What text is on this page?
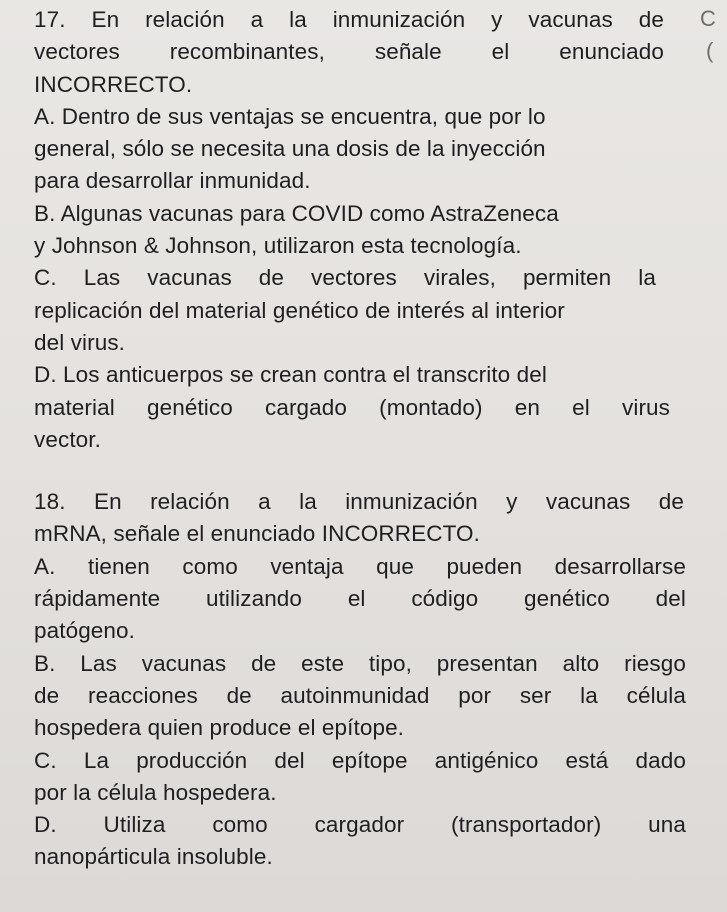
C
(
17. En relación a la inmunización y vacunas de
vectores recombinantes, señale el enunciado
INCORRECTO.
A. Dentro de sus ventajas se encuentra, que por lo
general, sólo se necesita una dosis de la inyección
para desarrollar inmunidad.
B. Algunas vacunas para COVID como AstraZeneca
y Johnson & Johnson, utilizaron esta tecnología.
C. Las vacunas de vectores virales, permiten la
replicación del material genético de interés al interior
del virus.
D. Los anticuerpos se crean contra el transcrito del
material genético cargado (montado) en el virus
vector.
18. En relación a la inmunización y vacunas de
mRNA, señale el enunciado INCORRECTO.
A. tienen como ventaja que pueden desarrollarse
rápidamente utilizando el código genético del
patógeno.
B. Las vacunas de este tipo, presentan alto riesgo
de reacciones de autoinmunidad por ser la célula
hospedera quien produce el epítope.
C. La producción del epítope antigénico está dado
por la célula hospedera.
D. Utiliza como cargador (transportador) una
nanopárticula insoluble.
